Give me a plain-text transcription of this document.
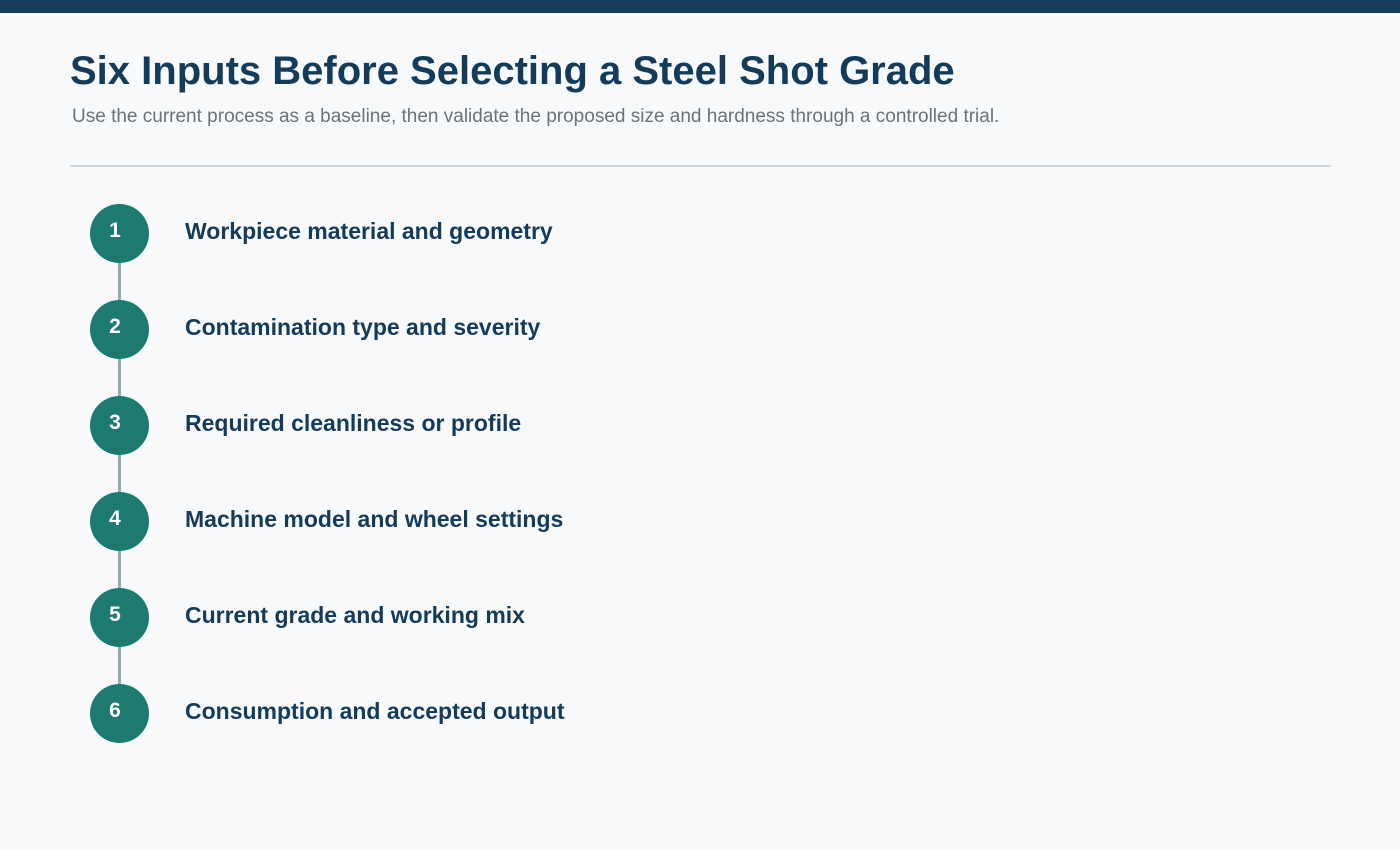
Six Inputs Before Selecting a Steel Shot Grade

Use the current process as a baseline, then validate the proposed size and hardness through a controlled trial.

1	Workpiece material and geometry
2	Contamination type and severity
3	Required cleanliness or profile
4	Machine model and wheel settings
5	Current grade and working mix
6	Consumption and accepted output
